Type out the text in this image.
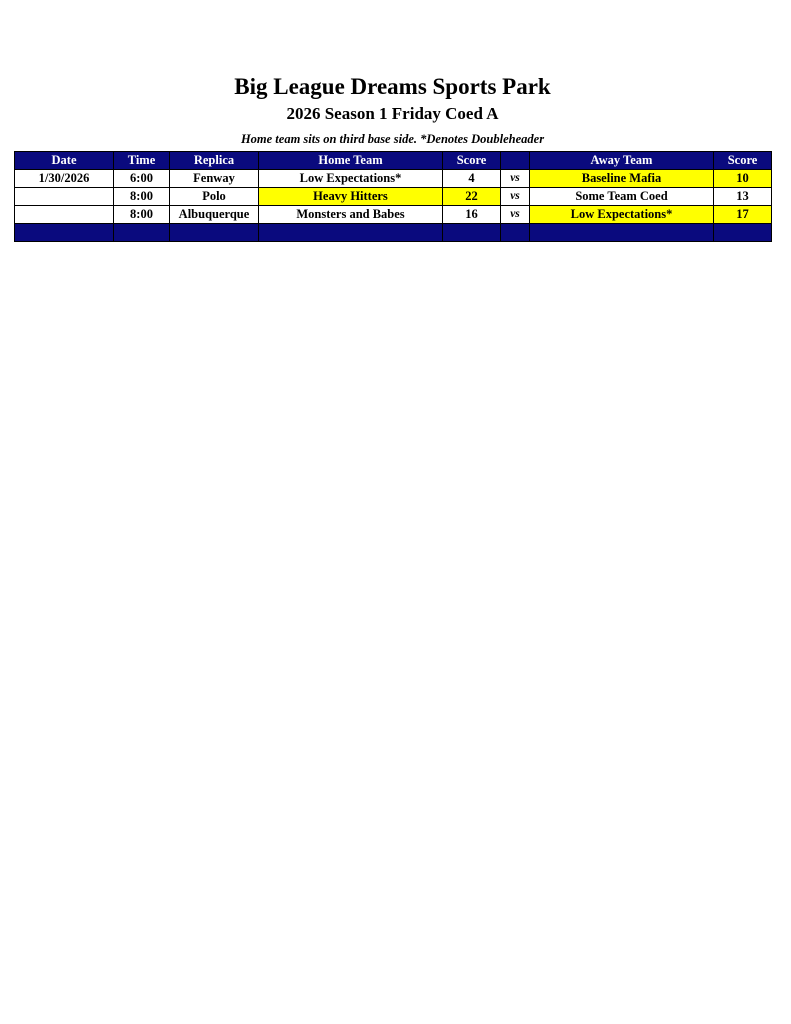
Big League Dreams Sports Park
2026 Season 1 Friday Coed A
Home team sits on third base side. *Denotes Doubleheader
Date	Time	Replica	Home Team	Score		Away Team	Score
1/30/2026	6:00	Fenway	Low Expectations*	4	vs	Baseline Mafia	10
	8:00	Polo	Heavy Hitters	22	vs	Some Team Coed	13
	8:00	Albuquerque	Monsters and Babes	16	vs	Low Expectations*	17
